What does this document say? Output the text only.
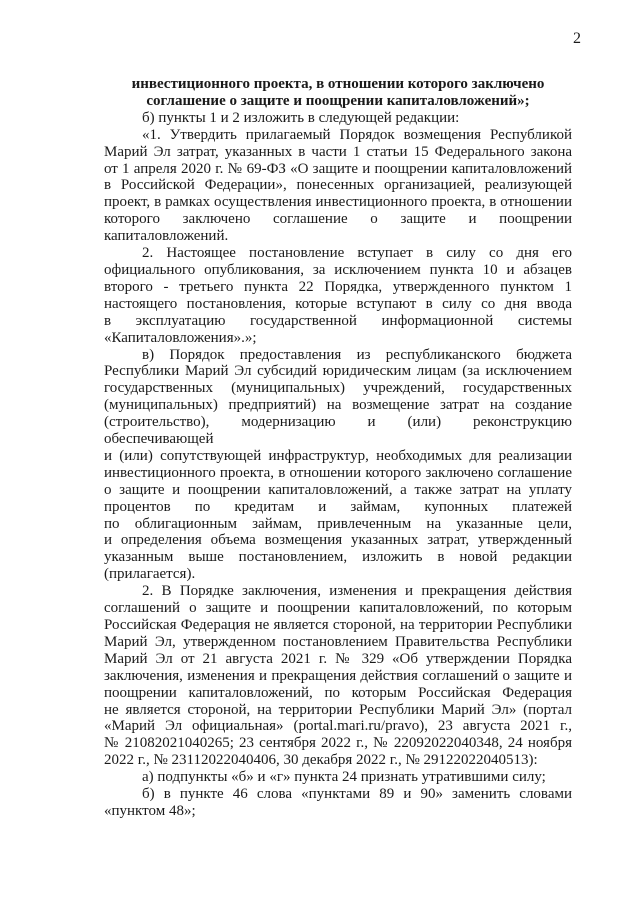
2
инвестиционного проекта, в отношении которого заключено
соглашение о защите и поощрении капиталовложений»;
б) пункты 1 и 2 изложить в следующей редакции:
«1. Утвердить прилагаемый Порядок возмещения Республикой
Марий Эл затрат, указанных в части 1 статьи 15 Федерального закона
от 1 апреля 2020 г. № 69-ФЗ «О защите и поощрении капиталовложений
в Российской Федерации», понесенных организацией, реализующей
проект, в рамках осуществления инвестиционного проекта, в отношении
которого заключено соглашение о защите и поощрении
капиталовложений.
2. Настоящее постановление вступает в силу со дня его
официального опубликования, за исключением пункта 10 и абзацев
второго - третьего пункта 22 Порядка, утвержденного пунктом 1
настоящего постановления, которые вступают в силу со дня ввода
в эксплуатацию государственной информационной системы
«Капиталовложения».»;
в) Порядок предоставления из республиканского бюджета
Республики Марий Эл субсидий юридическим лицам (за исключением
государственных (муниципальных) учреждений, государственных
(муниципальных) предприятий) на возмещение затрат на создание
(строительство), модернизацию и (или) реконструкцию обеспечивающей
и (или) сопутствующей инфраструктур, необходимых для реализации
инвестиционного проекта, в отношении которого заключено соглашение
о защите и поощрении капиталовложений, а также затрат на уплату
процентов по кредитам и займам, купонных платежей
по облигационным займам, привлеченным на указанные цели,
и определения объема возмещения указанных затрат, утвержденный
указанным выше постановлением, изложить в новой редакции
(прилагается).
2. В Порядке заключения, изменения и прекращения действия
соглашений о защите и поощрении капиталовложений, по которым
Российская Федерация не является стороной, на территории Республики
Марий Эл, утвержденном постановлением Правительства Республики
Марий Эл от 21 августа 2021 г. № 329 «Об утверждении Порядка
заключения, изменения и прекращения действия соглашений о защите и
поощрении капиталовложений, по которым Российская Федерация
не является стороной, на территории Республики Марий Эл» (портал
«Марий Эл официальная» (portal.mari.ru/pravo), 23 августа 2021 г.,
№ 21082021040265; 23 сентября 2022 г., № 22092022040348, 24 ноября
2022 г., № 23112022040406, 30 декабря 2022 г., № 29122022040513):
а) подпункты «б» и «г» пункта 24 признать утратившими силу;
б) в пункте 46 слова «пунктами 89 и 90» заменить словами
«пунктом 48»;
